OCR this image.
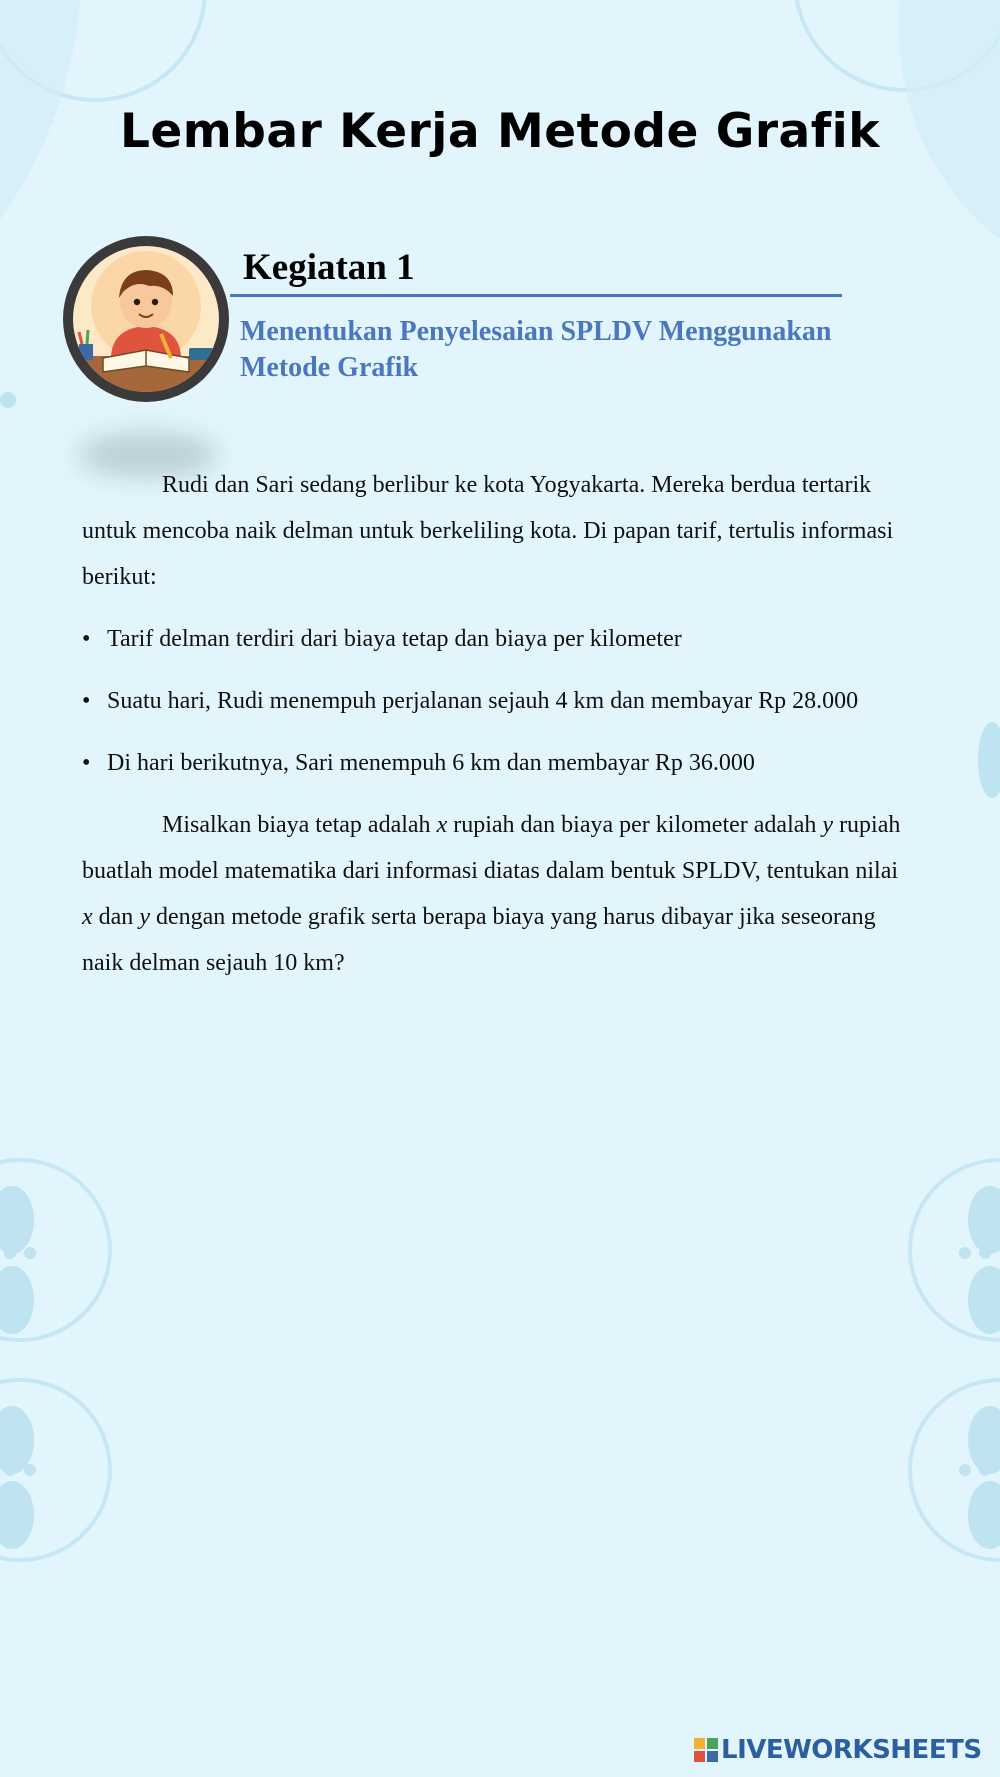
Lembar Kerja Metode Grafik
Kegiatan 1
Menentukan Penyelesaian SPLDV Menggunakan
Metode Grafik

Rudi dan Sari sedang berlibur ke kota Yogyakarta. Mereka berdua tertarik untuk mencoba naik delman untuk berkeliling kota. Di papan tarif, tertulis informasi berikut:

• Tarif delman terdiri dari biaya tetap dan biaya per kilometer
• Suatu hari, Rudi menempuh perjalanan sejauh 4 km dan membayar Rp 28.000
• Di hari berikutnya, Sari menempuh 6 km dan membayar Rp 36.000

Misalkan biaya tetap adalah x rupiah dan biaya per kilometer adalah y rupiah buatlah model matematika dari informasi diatas dalam bentuk SPLDV, tentukan nilai x dan y dengan metode grafik serta berapa biaya yang harus dibayar jika seseorang naik delman sejauh 10 km?

LIVEWORKSHEETS
